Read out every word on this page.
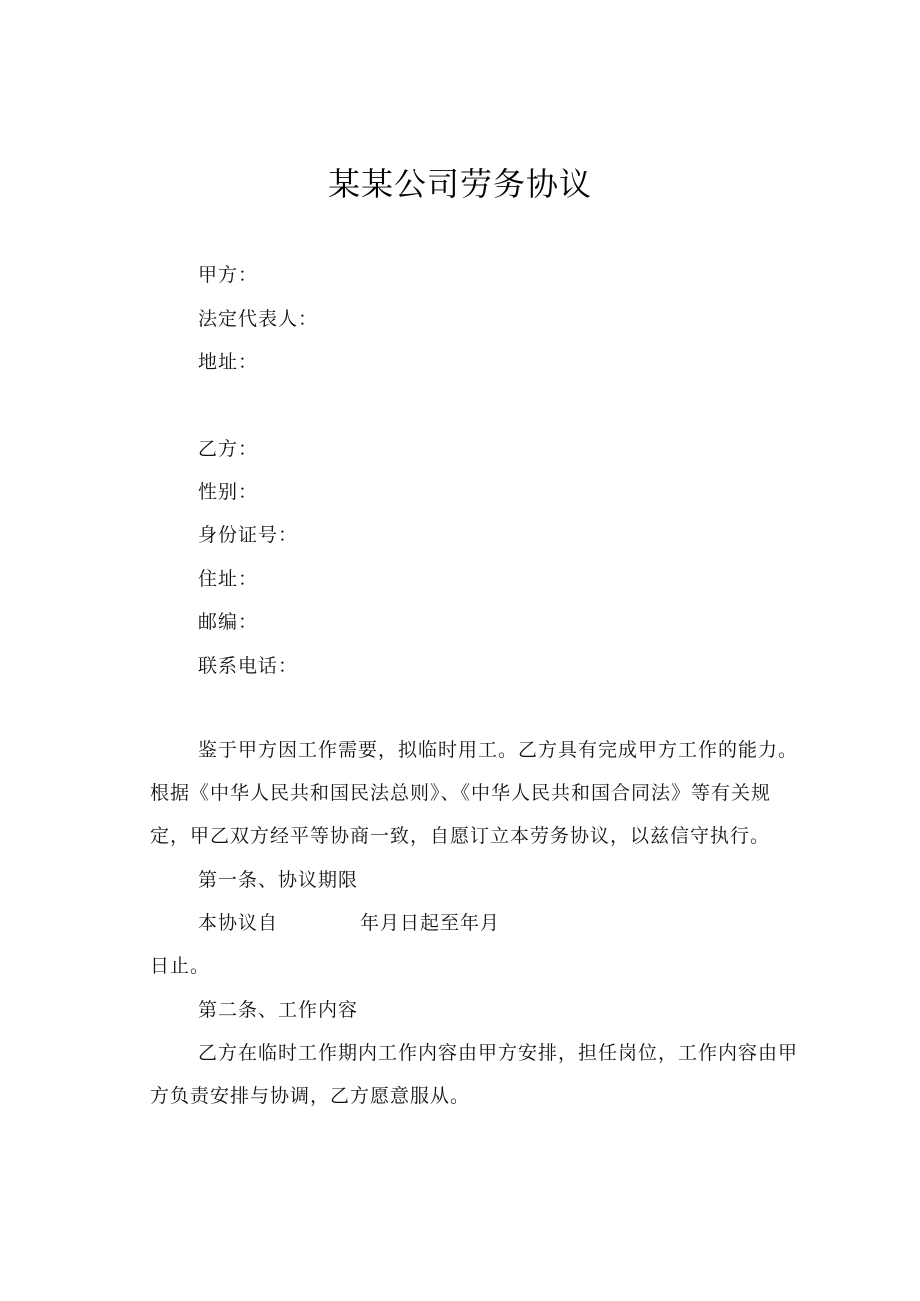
某某公司劳务协议

甲方：

法定代表人：

地址：

乙方：

性别：

身份证号：

住址：

邮编：

联系电话：

鉴于甲方因工作需要，拟临时用工。乙方具有完成甲方工作的能力。

根据《中华人民共和国民法总则》、《中华人民共和国合同法》等有关规

定，甲乙双方经平等协商一致，自愿订立本劳务协议，以兹信守执行。

第一条、协议期限

本协议自	年月日起至年月

日止。

第二条、工作内容

乙方在临时工作期内工作内容由甲方安排，担任岗位，工作内容由甲

方负责安排与协调，乙方愿意服从。
